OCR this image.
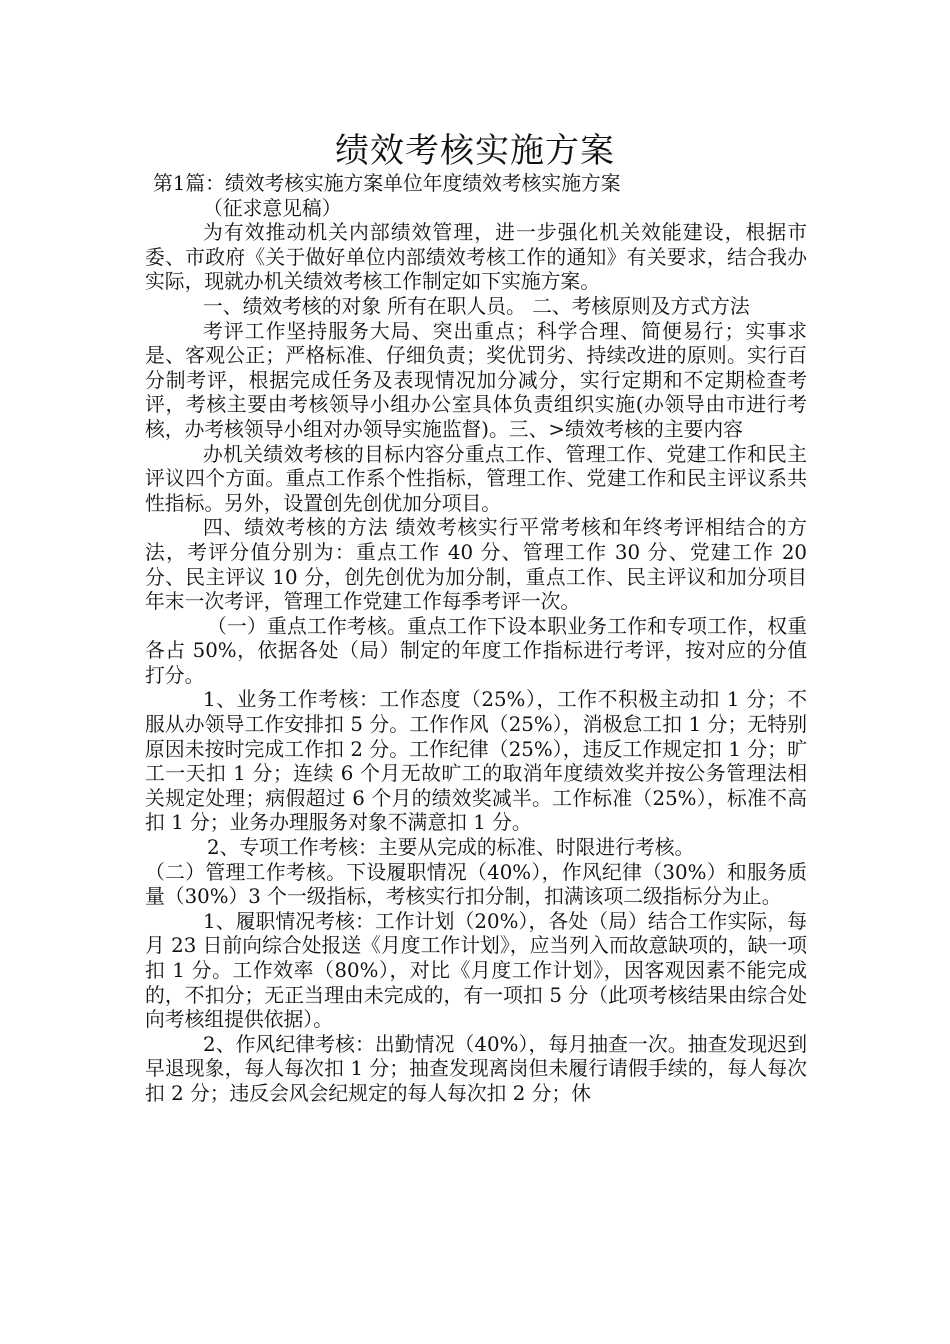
绩效考核实施方案

第1篇：绩效考核实施方案单位年度绩效考核实施方案

（征求意见稿）

为有效推动机关内部绩效管理，进一步强化机关效能建设，根据市委、市政府《关于做好单位内部绩效考核工作的通知》有关要求，结合我办实际，现就办机关绩效考核工作制定如下实施方案。

一、绩效考核的对象 所有在职人员。 二、考核原则及方式方法

考评工作坚持服务大局、突出重点；科学合理、简便易行；实事求是、客观公正；严格标准、仔细负责；奖优罚劣、持续改进的原则。实行百分制考评，根据完成任务及表现情况加分减分，实行定期和不定期检查考评，考核主要由考核领导小组办公室具体负责组织实施(办领导由市进行考核，办考核领导小组对办领导实施监督)。三、>绩效考核的主要内容

办机关绩效考核的目标内容分重点工作、管理工作、党建工作和民主评议四个方面。重点工作系个性指标，管理工作、党建工作和民主评议系共性指标。另外，设置创先创优加分项目。

四、绩效考核的方法 绩效考核实行平常考核和年终考评相结合的方法，考评分值分别为：重点工作 40 分、管理工作 30 分、党建工作 20 分、民主评议 10 分，创先创优为加分制，重点工作、民主评议和加分项目年末一次考评，管理工作党建工作每季考评一次。

（一）重点工作考核。重点工作下设本职业务工作和专项工作，权重各占 50%，依据各处（局）制定的年度工作指标进行考评，按对应的分值打分。

1、业务工作考核：工作态度（25%），工作不积极主动扣 1 分；不服从办领导工作安排扣 5 分。工作作风（25%），消极怠工扣 1 分；无特别原因未按时完成工作扣 2 分。工作纪律（25%），违反工作规定扣 1 分；旷工一天扣 1 分；连续 6 个月无故旷工的取消年度绩效奖并按公务管理法相关规定处理；病假超过 6 个月的绩效奖减半。工作标准（25%），标准不高扣 1 分；业务办理服务对象不满意扣 1 分。

2、专项工作考核：主要从完成的标准、时限进行考核。

（二）管理工作考核。下设履职情况（40%），作风纪律（30%）和服务质量（30%）3 个一级指标，考核实行扣分制，扣满该项二级指标分为止。

1、履职情况考核：工作计划（20%），各处（局）结合工作实际，每月 23 日前向综合处报送《月度工作计划》，应当列入而故意缺项的，缺一项扣 1 分。工作效率（80%），对比《月度工作计划》，因客观因素不能完成的，不扣分；无正当理由未完成的，有一项扣 5 分（此项考核结果由综合处向考核组提供依据）。

2、作风纪律考核：出勤情况（40%），每月抽查一次。抽查发现迟到早退现象，每人每次扣 1 分；抽查发现离岗但未履行请假手续的，每人每次扣 2 分；违反会风会纪规定的每人每次扣 2 分；休
